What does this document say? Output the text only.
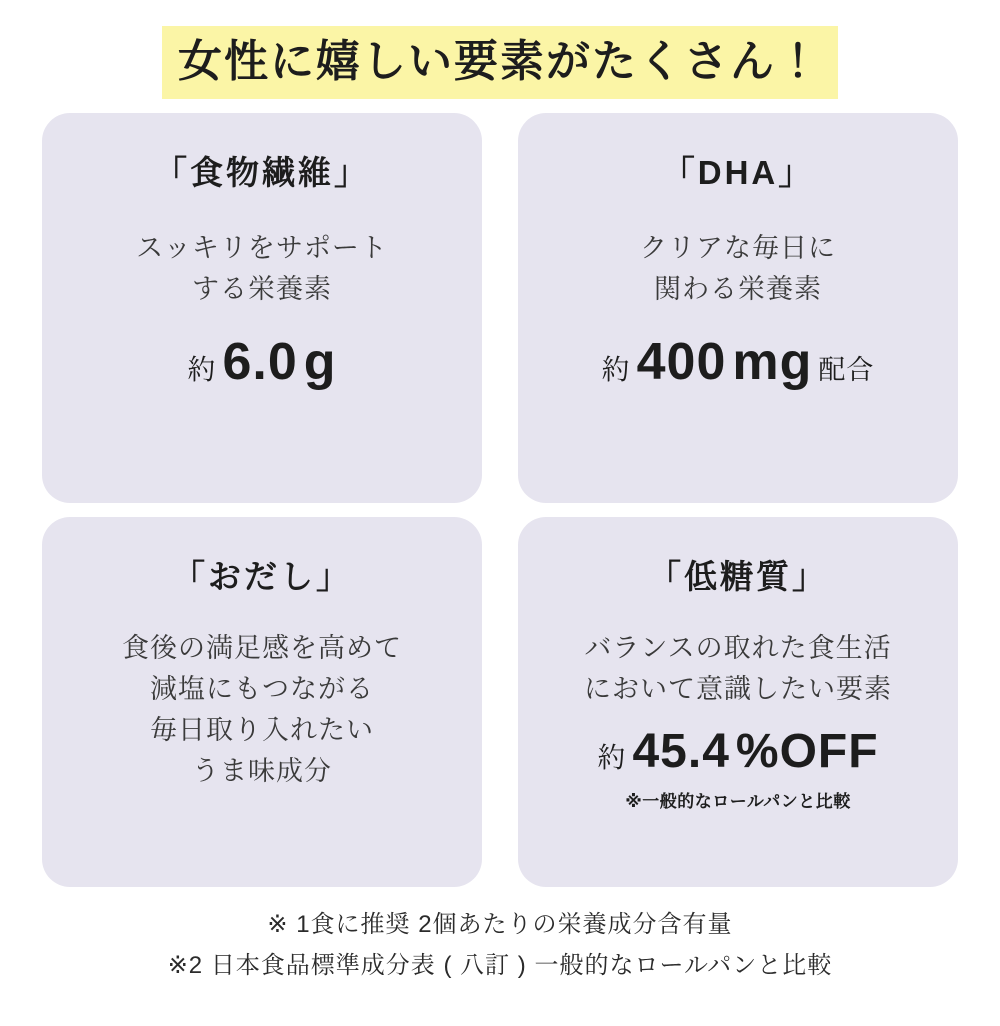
女性に嬉しい要素がたくさん！
「食物繊維」
スッキリをサポート
する栄養素
約 6.0 g
「DHA」
クリアな毎日に
関わる栄養素
約 400 mg 配合
「おだし」
食後の満足感を高めて
減塩にもつながる
毎日取り入れたい
うま味成分
「低糖質」
バランスの取れた食生活
において意識したい要素
約 45.4 %OFF
※一般的なロールパンと比較
※ 1食に推奨 2個あたりの栄養成分含有量
※2 日本食品標準成分表 ( 八訂 ) 一般的なロールパンと比較
